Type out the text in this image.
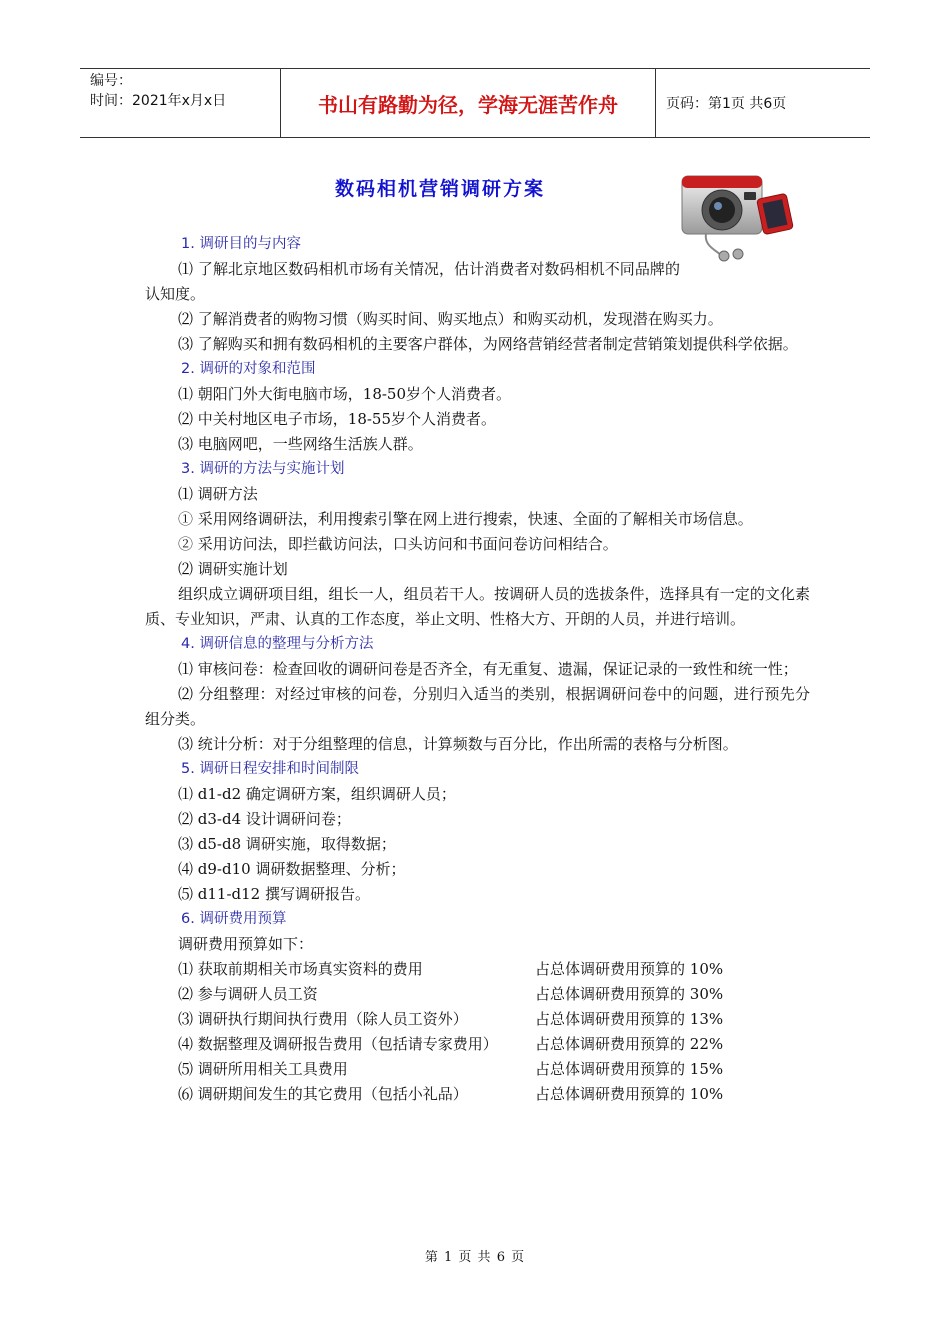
编号：
时间：2021年x月x日	书山有路勤为径，学海无涯苦作舟	页码：第1页 共6页
数码相机营销调研方案

1. 调研目的与内容

⑴ 了解北京地区数码相机市场有关情况，估计消费者对数码相机不同品牌的认知度。

⑵ 了解消费者的购物习惯（购买时间、购买地点）和购买动机，发现潜在购买力。

⑶ 了解购买和拥有数码相机的主要客户群体，为网络营销经营者制定营销策划提供科学依据。

2. 调研的对象和范围

⑴ 朝阳门外大街电脑市场，18-50岁个人消费者。

⑵ 中关村地区电子市场，18-55岁个人消费者。

⑶ 电脑网吧，一些网络生活族人群。

3. 调研的方法与实施计划

⑴ 调研方法

① 采用网络调研法，利用搜索引擎在网上进行搜索，快速、全面的了解相关市场信息。

② 采用访问法，即拦截访问法，口头访问和书面问卷访问相结合。

⑵ 调研实施计划

组织成立调研项目组，组长一人，组员若干人。按调研人员的选拔条件，选择具有一定的文化素质、专业知识，严肃、认真的工作态度，举止文明、性格大方、开朗的人员，并进行培训。

4. 调研信息的整理与分析方法

⑴ 审核问卷：检查回收的调研问卷是否齐全，有无重复、遗漏，保证记录的一致性和统一性；

⑵ 分组整理：对经过审核的问卷，分别归入适当的类别，根据调研问卷中的问题，进行预先分组分类。

⑶ 统计分析：对于分组整理的信息，计算频数与百分比，作出所需的表格与分析图。

5. 调研日程安排和时间制限

⑴ d1-d2 确定调研方案，组织调研人员；

⑵ d3-d4 设计调研问卷；

⑶ d5-d8 调研实施，取得数据；

⑷ d9-d10 调研数据整理、分析；

⑸ d11-d12 撰写调研报告。

6. 调研费用预算

调研费用预算如下：

⑴ 获取前期相关市场真实资料的费用	占总体调研费用预算的 10%
⑵ 参与调研人员工资	占总体调研费用预算的 30%
⑶ 调研执行期间执行费用（除人员工资外）	占总体调研费用预算的 13%
⑷ 数据整理及调研报告费用（包括请专家费用）	占总体调研费用预算的 22%
⑸ 调研所用相关工具费用	占总体调研费用预算的 15%
⑹ 调研期间发生的其它费用（包括小礼品）	占总体调研费用预算的 10%
第 1 页 共 6 页
